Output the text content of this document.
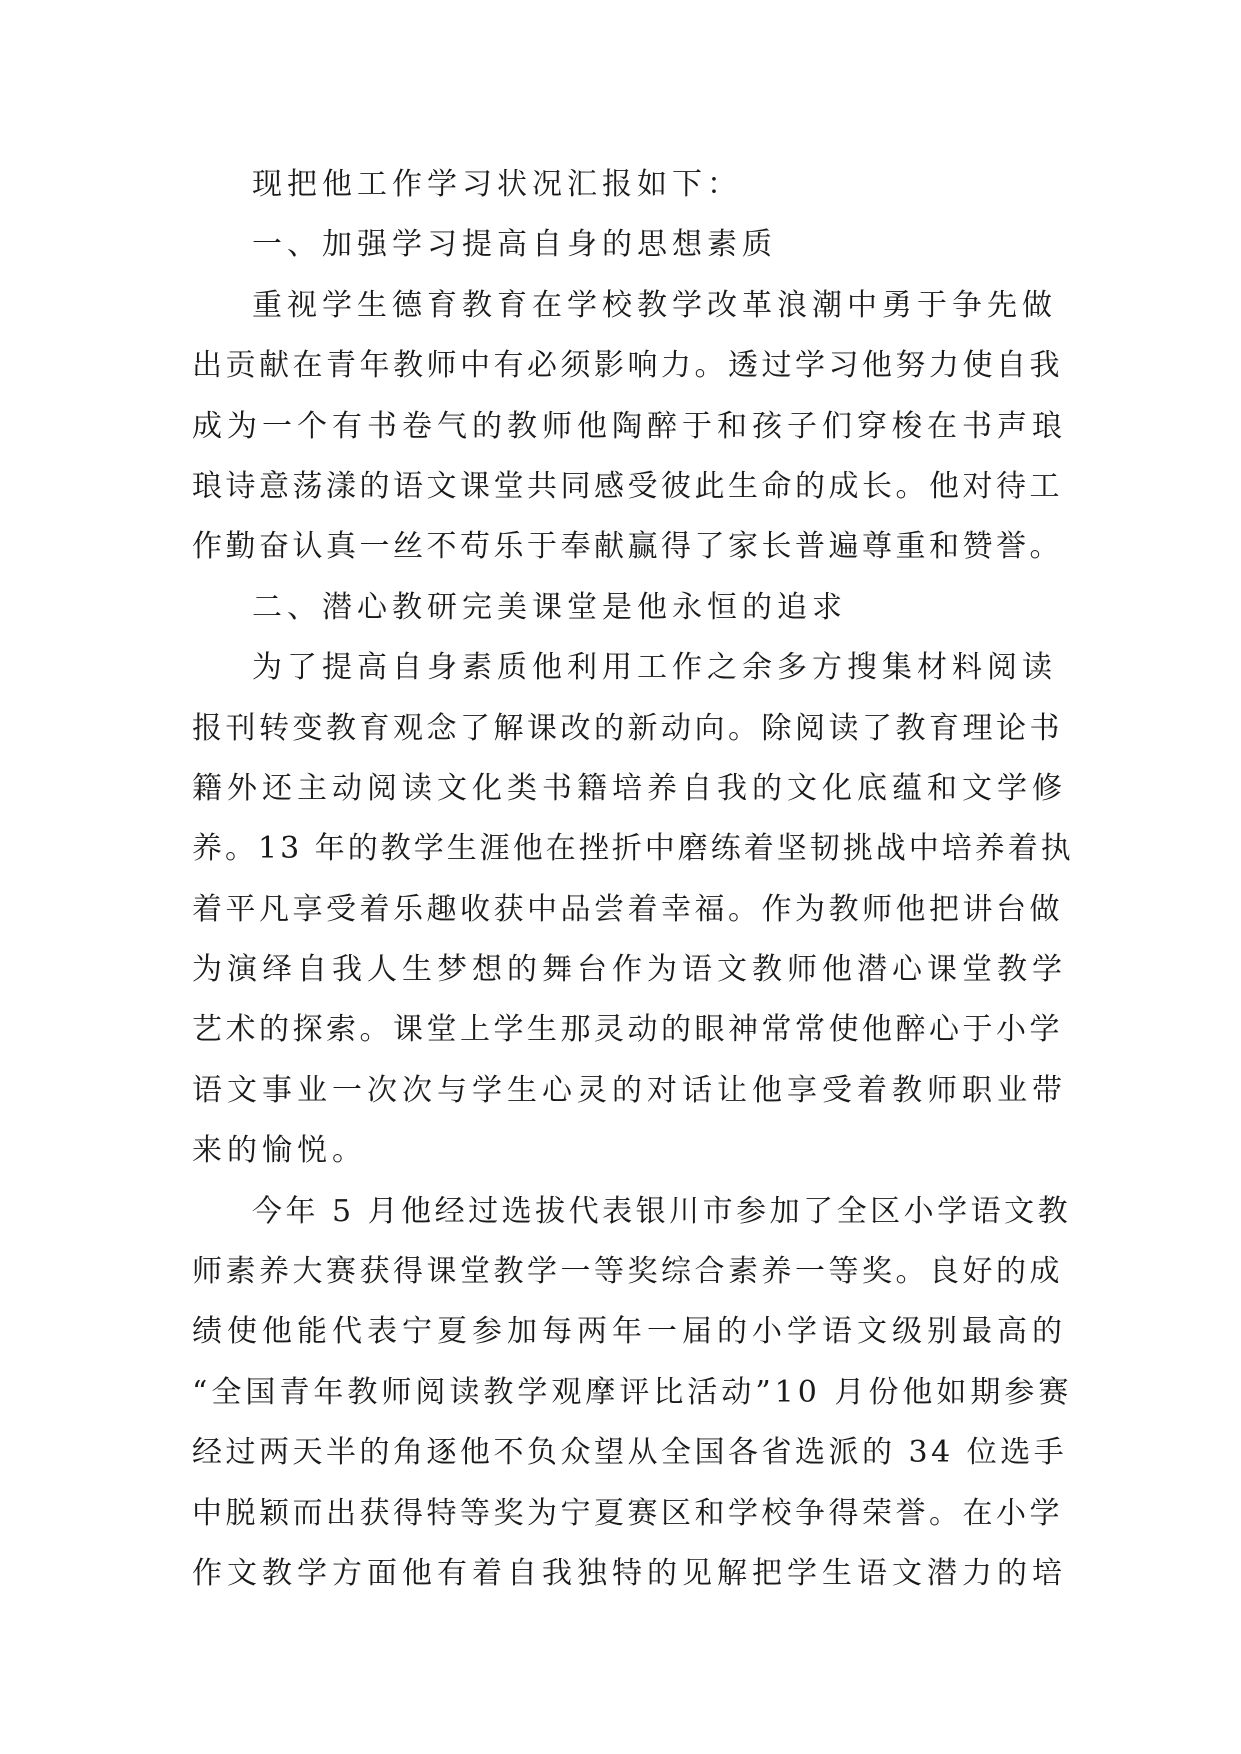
现把他工作学习状况汇报如下：
一、加强学习提高自身的思想素质
重视学生德育教育在学校教学改革浪潮中勇于争先做
出贡献在青年教师中有必须影响力。透过学习他努力使自我
成为一个有书卷气的教师他陶醉于和孩子们穿梭在书声琅
琅诗意荡漾的语文课堂共同感受彼此生命的成长。他对待工
作勤奋认真一丝不苟乐于奉献赢得了家长普遍尊重和赞誉。
二、潜心教研完美课堂是他永恒的追求
为了提高自身素质他利用工作之余多方搜集材料阅读
报刊转变教育观念了解课改的新动向。除阅读了教育理论书
籍外还主动阅读文化类书籍培养自我的文化底蕴和文学修
养。13 年的教学生涯他在挫折中磨练着坚韧挑战中培养着执
着平凡享受着乐趣收获中品尝着幸福。作为教师他把讲台做
为演绎自我人生梦想的舞台作为语文教师他潜心课堂教学
艺术的探索。课堂上学生那灵动的眼神常常使他醉心于小学
语文事业一次次与学生心灵的对话让他享受着教师职业带
来的愉悦。
今年 5 月他经过选拔代表银川市参加了全区小学语文教
师素养大赛获得课堂教学一等奖综合素养一等奖。良好的成
绩使他能代表宁夏参加每两年一届的小学语文级别最高的
“全国青年教师阅读教学观摩评比活动”10 月份他如期参赛
经过两天半的角逐他不负众望从全国各省选派的 34 位选手
中脱颖而出获得特等奖为宁夏赛区和学校争得荣誉。在小学
作文教学方面他有着自我独特的见解把学生语文潜力的培
